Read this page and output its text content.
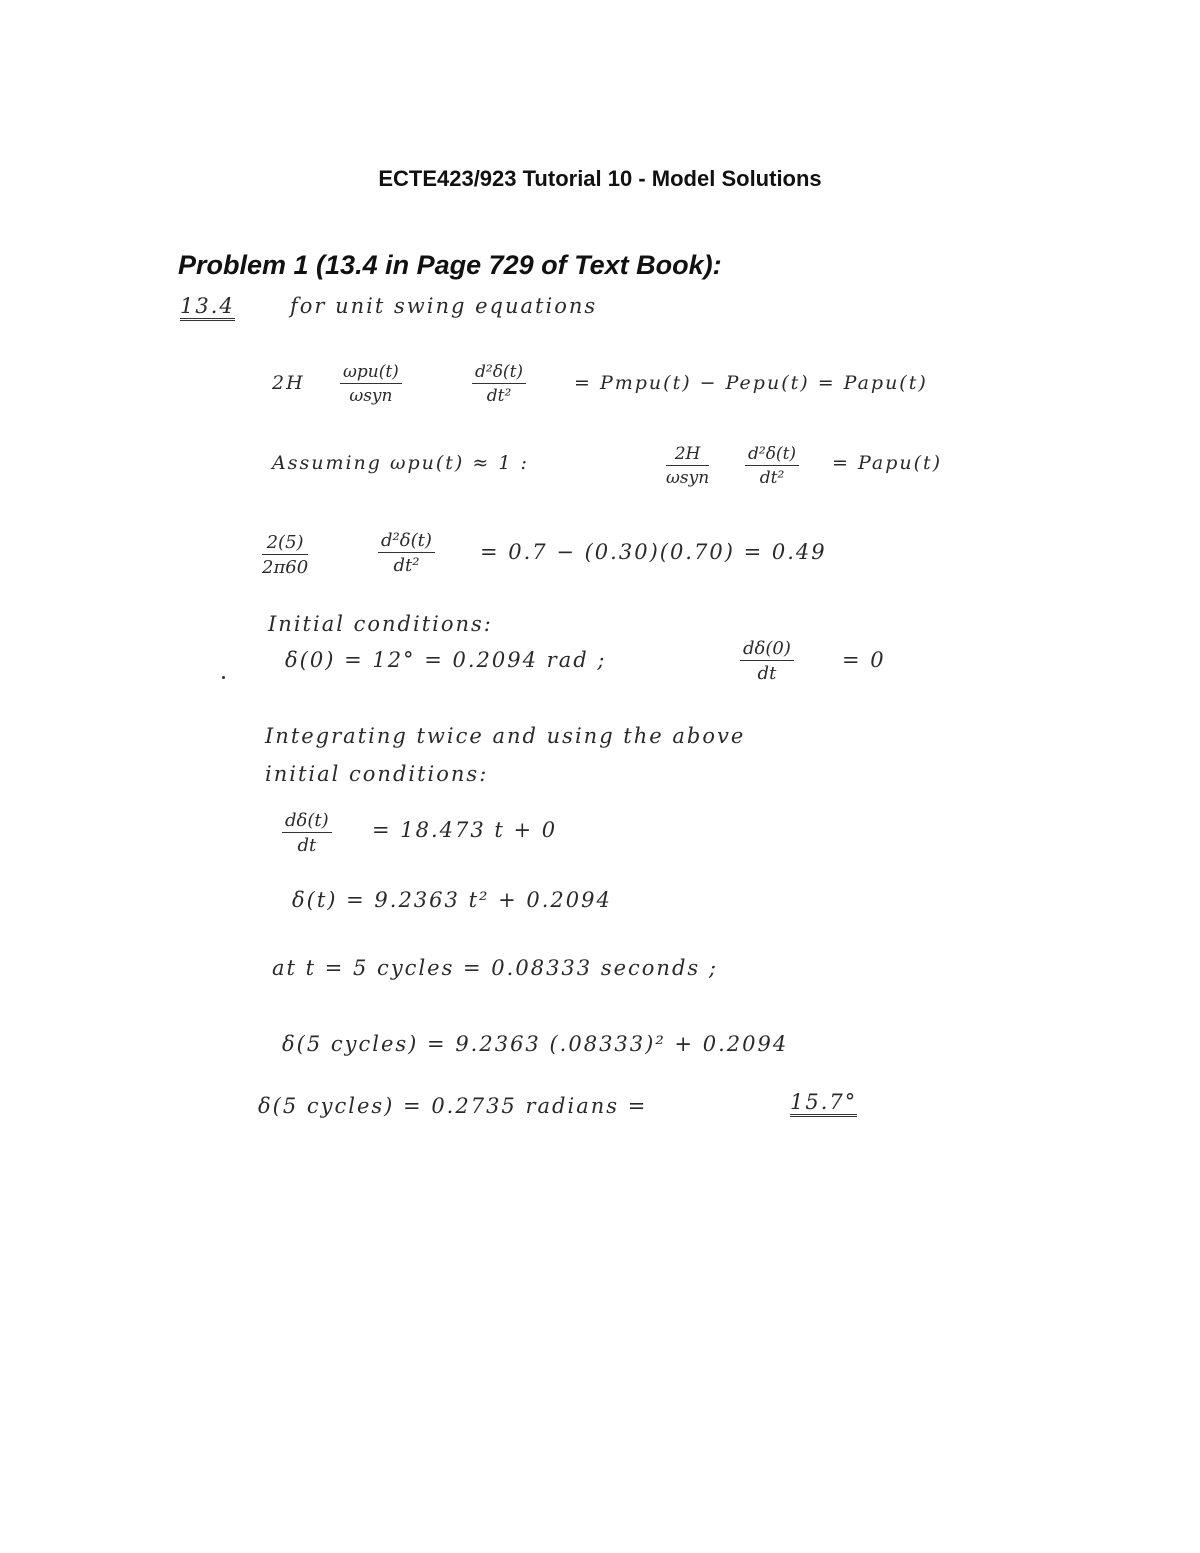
ECTE423/923 Tutorial 10 - Model Solutions
Problem 1 (13.4 in Page 729 of Text Book):
13.4	for unit swing equations
2H ωpu(t)
ωsyn	$\frac{\text{d²δ(t)}}{\text{dt²}}$	= Pmpu(t) − Pepu(t) = Papu(t)
Assuming ωpu(t) ≈ 1 :	2H
ωsyn $\frac{\text{d²δ(t)}}{\text{dt²}}$ = Papu(t)
$\frac{2(5)}{2\pi 60}$	$\frac{\text{d²δ(t)}}{\text{dt²}} = 0.7 - (0.30)(0.70) = 0.49$
Initial conditions:
δ(0) = 12° = 0.2094 rad ;	$\frac{d\delta(0)}{dt} = 0$
Integrating twice and using the above
initial conditions:
$\frac{d\delta(t)}{dt} = 18.473$ t + 0
δ(t) = 9.2363 t² + 0.2094
at t = 5 cycles = 0.08333 seconds ;
δ(5 cycles) = 9.2363 (.08333)² + 0.2094
δ(5 cycles) = 0.2735 radians =	15.7°
